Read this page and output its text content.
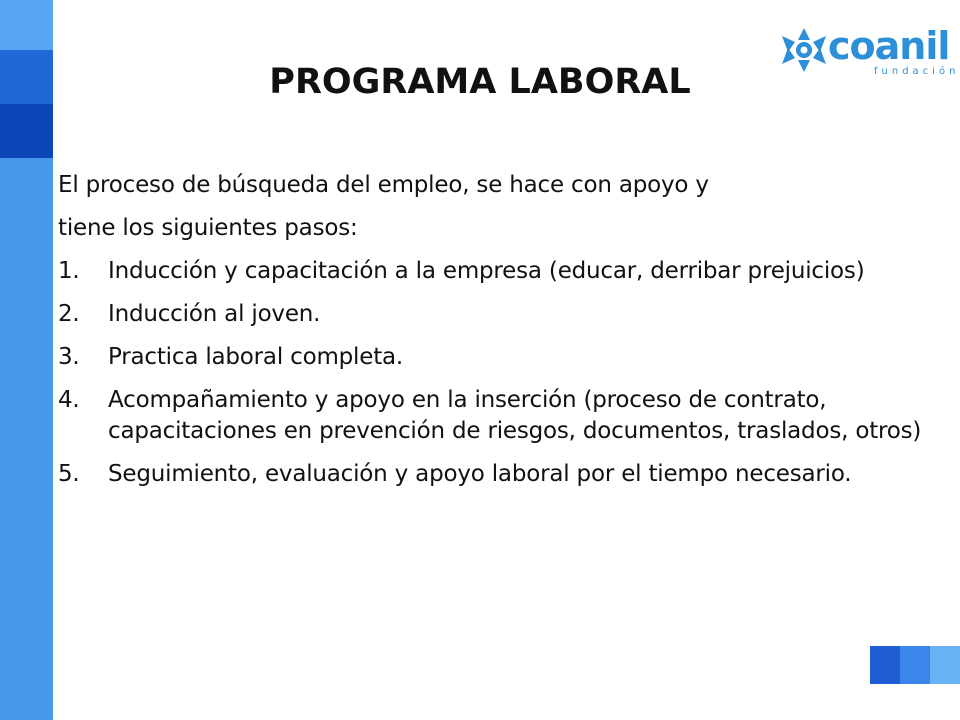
coanil
fundación
PROGRAMA LABORAL

El proceso de búsqueda del empleo, se hace con apoyo y
tiene los siguientes pasos:

1. Inducción y capacitación a la empresa (educar, derribar prejuicios)
2. Inducción al joven.
3. Practica laboral completa.
4. Acompañamiento y apoyo en la inserción (proceso de contrato, capacitaciones en prevención de riesgos, documentos, traslados, otros)
5. Seguimiento, evaluación y apoyo laboral por el tiempo necesario.
